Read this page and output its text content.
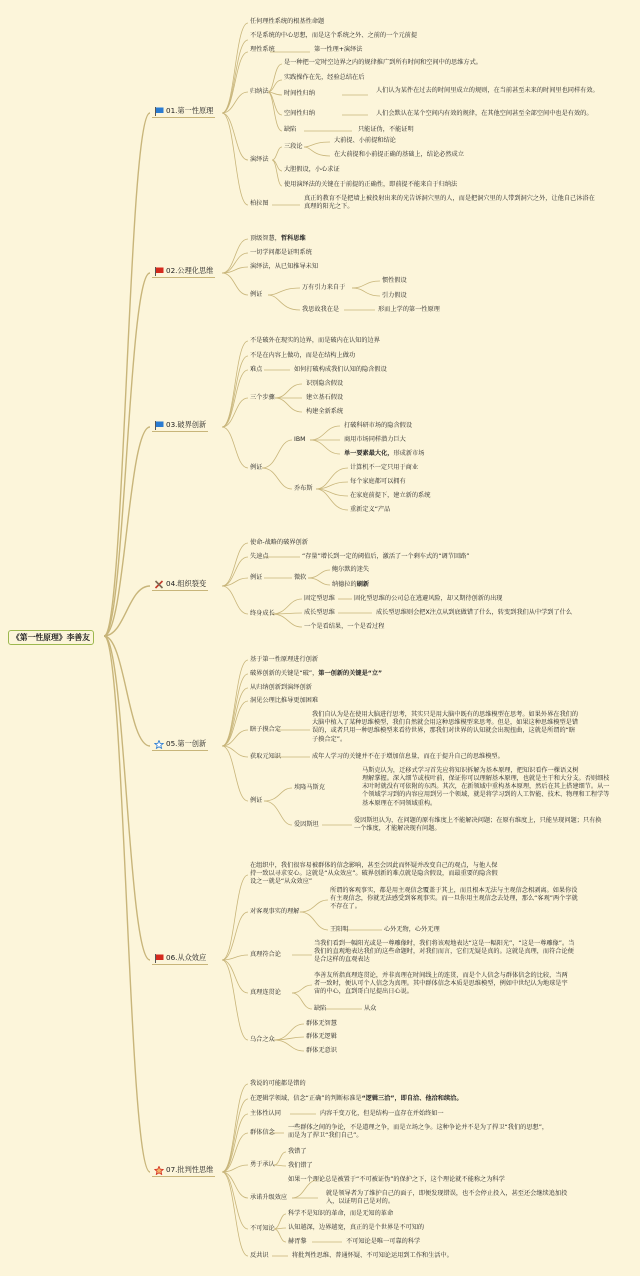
《第一性原理》李善友
01.第一性原理
任何理性系统的根基性命题
不是系统的中心思想，而是这个系统之外、之前的一个元前提
理性系统	第一性理+演绎法
归纳法
是一种把一定时空边界之内的规律推广到所有时间和空间中的思维方式。
实践操作在先，经验总结在后
时间性归纳	人们认为某件在过去的时间里成立的规则，在当前甚至未来的时间里也同样有效。
空间性归纳	人们会默认在某个空间内有效的规律，在其他空间甚至全部空间中也是有效的。
缺陷	只能证伪，不能证明
演绎法
三段论
大前提、小前提和结论
在大前提和小前提正确的基础上，结论必然成立
大胆假设，小心求证
使用演绎法的关键在于前提的正确性，即前提不能来自于归纳法
柏拉图
真正的教育不是把墙上被投射出来的光告诉洞穴里的人，而是把洞穴里的人带到洞穴之外，让他自己沐浴在真理的阳光之下。
02.公理化思维
顶级智慧，哲科思维
一切学问都是证明系统
演绎法，从已知推导未知
例证
万有引力来自于
惯性假设
引力假设
我思故我在是	形而上学的第一性原理
03.破界创新
不是破外在现实的边界，而是破内在认知的边界
不是在内容上做功，而是在结构上做功
难点	如何打破构成我们认知的隐含假设
三个步骤
识别隐含假设
建立基石假设
构建全新系统
例证
IBM
打破科研市场的隐含假设
商用市场同样潜力巨大
单一要素最大化，形成新市场
乔布斯
计算机不一定只用于商业
每个家庭都可以拥有
在家庭前提下，建立新的系统
重新定义“产品
04.组织裂变
使命-战略的破界创新
失速点	“存量”增长到一定的阈值后，激活了一个剩车式的“调节回路”
例证	微软
鲍尔默的迷失
纳德拉的刷新
终身成长
固定型思维	固化型思维的公司总在逃避风险，却又期待创新的出现
成长型思维	成长型思维则会把X注点从到底做错了什么，转变到我们从中学到了什么
一个是看结果，一个是看过程
05.第一创新
基于第一性原理进行创新
破界创新的关键是“破”，第一创新的关键是“立”
从归纳创新到演绎创新
洞见公理比推导更加困难
瞎子摸合定
我们自认为是在使用大脑进行思考，其实只是用大脑中既有的思维模型在思考。如果外界在我们的大脑中植入了某种思维模型，我们自然就会用这种思维模型来思考。但是，如果这种思维模型是错误的，或者只用一种思维模型来看待世界，那我们对世界的认知就会出现扭曲，这就是所谓的“瞎子摸合定”。
获取元知识	成年人学习的关键并不在于增加信息量，而在于提升自己的思维模型。
例证
埃隆马斯克
马斯克认为，迁移式学习首先应将知识拆解为基本原理，把知识看作一棵语义树
理解掌握。深入细节或枝叶前，保证你可以理解基本原理，也就是主干和大分支。否则细枝末叶时就没有可依附的东西。其次，在新领域中重构基本原理，然后在其上搭建细节。从一个领域学习到的内容应用到另一个领域，就是将学习到的人工智能、技术、物理和工程学等基本原理在不同领域重构。
爱因斯坦
爱因斯坦认为，在问题的原有维度上不能解决问题；在原有维度上，只能呈现问题；只有换一个维度，才能解决现有问题。
06.从众效应
在组织中，我们很容易被群体的信念影响，甚至会因此而怀疑并改变自己的观点，与他人保持一致以寻求安心。这就是“从众效应”。破界创新的难点就是隐含假设，而最重要的隐含假设之一就是“从众效应”
对客观事实的理解
所谓的客观事实，都是用主观信念覆盖于其上，而且根本无法与主观信念相剥离。如果你没有主观信念，你就无法感受到客观事实。而一旦你用主观信念去处理，那么“客观”两个字就不存在了。
王阳明	心外无物，心外无理
真理符合论
当我们看到一幅阳光或是一尊雕像时，我们将该观地表达“这是一幅阳光”，“这是一尊雕像”。当我们的直观地表达我们的这些命题时，对我们而言，它们无疑是真的。这就是真理，而符合论便是合这样的直观表达
真理连贯论
李善友所指真理连贯论，并非真理在时间线上的连贯，而是个人信念与群体信念的比较，当两者一致时，便认可个人信念为真理。其中群体信念本质是思维模型，例如中世纪认为地球是宇宙的中心，直到哥白尼提出日心说。
缺陷	从众
乌合之众
群体无智慧
群体无逻辑
群体无意识
07.批判性思维
我说的可能都是错的
在逻辑学领域，信念“正确”的判断标准是“逻辑三洽”，即自洽、他洽和续洽。
主体性认同	内容千变万化，但是结构一直存在并始终如一
群体信念
一些群体之间的争论，不是道理之争，而是立场之争。这种争论并不是为了捍卫“我们的思想”，而是为了捍卫“我们自己”。
勇于承认
我错了
我们错了
如果一个理论总是被置于“不可被证伪”的保护之下，这个理论就不能称之为科学
承诺升级效应
就是领导者为了维护自己的面子，即便发现错误，也不会停止投入，甚至还会继续追加投入，以证明自己是对的。
不可知论
科学不是知识的革命，而是无知的革命
认知越深，边界越宽，真正的是个世界是不可知的
赫胥黎	不可知论是唯一可靠的科学
反共识	将批判性思维、普通怀疑、不可知论运用到工作和生活中。
